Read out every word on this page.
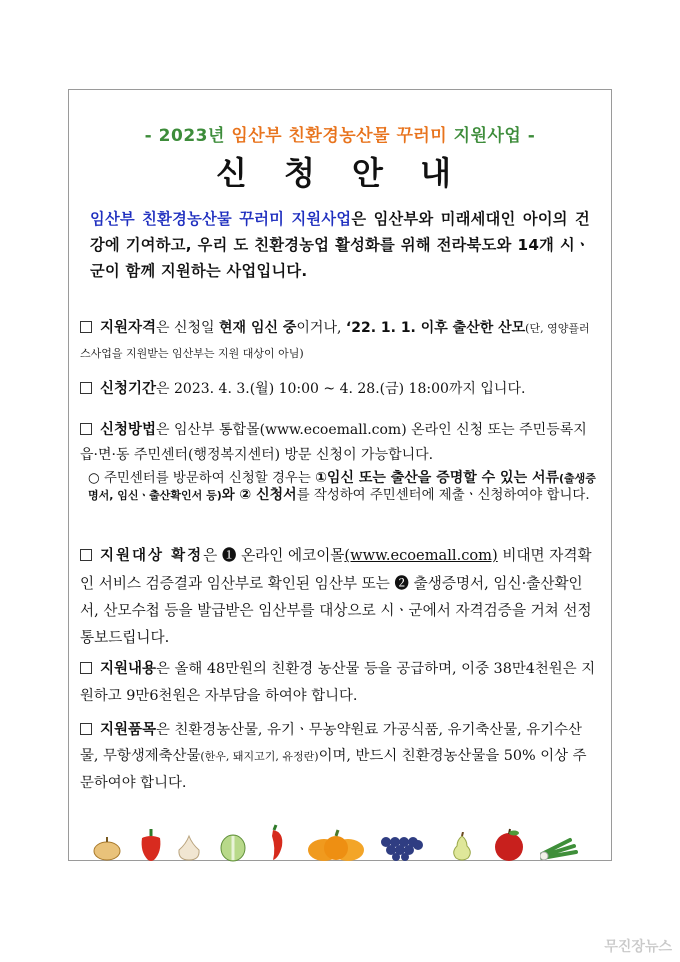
- 2023년 임산부 친환경농산물 꾸러미 지원사업 -
신 청 안 내
임산부 친환경농산물 꾸러미 지원사업은 임산부와 미래세대인 아이의 건강에 기여하고, 우리 도 친환경농업 활성화를 위해 전라북도와 14개 시ㆍ군이 함께 지원하는 사업입니다.
지원자격은 신청일 현재 임신 중이거나, ‘22. 1. 1. 이후 출산한 산모(단, 영양플러스사업을 지원받는 임산부는 지원 대상이 아님)
신청기간은 2023. 4. 3.(월) 10:00 ~ 4. 28.(금) 18:00까지 입니다.
신청방법은 임산부 통합몰(www.ecoemall.com) 온라인 신청 또는 주민등록지 읍·면·동 주민센터(행정복지센터) 방문 신청이 가능합니다.
○ 주민센터를 방문하여 신청할 경우는 ①임신 또는 출산을 증명할 수 있는 서류(출생증명서, 임신ㆍ출산확인서 등)와 ② 신청서를 작성하여 주민센터에 제출ㆍ신청하여야 합니다.
지원대상 확정은 ❶ 온라인 에코이몰(www.ecoemall.com) 비대면 자격확인 서비스 검증결과 임산부로 확인된 임산부 또는 ❷ 출생증명서, 임신·출산확인서, 산모수첩 등을 발급받은 임산부를 대상으로 시ㆍ군에서 자격검증을 거쳐 선정 통보드립니다.
지원내용은 올해 48만원의 친환경 농산물 등을 공급하며, 이중 38만4천원은 지원하고 9만6천원은 자부담을 하여야 합니다.
지원품목은 친환경농산물, 유기ㆍ무농약원료 가공식품, 유기축산물, 유기수산물, 무항생제축산물(한우, 돼지고기, 유정란)이며, 반드시 친환경농산물을 50% 이상 주문하여야 합니다.
무진장뉴스
